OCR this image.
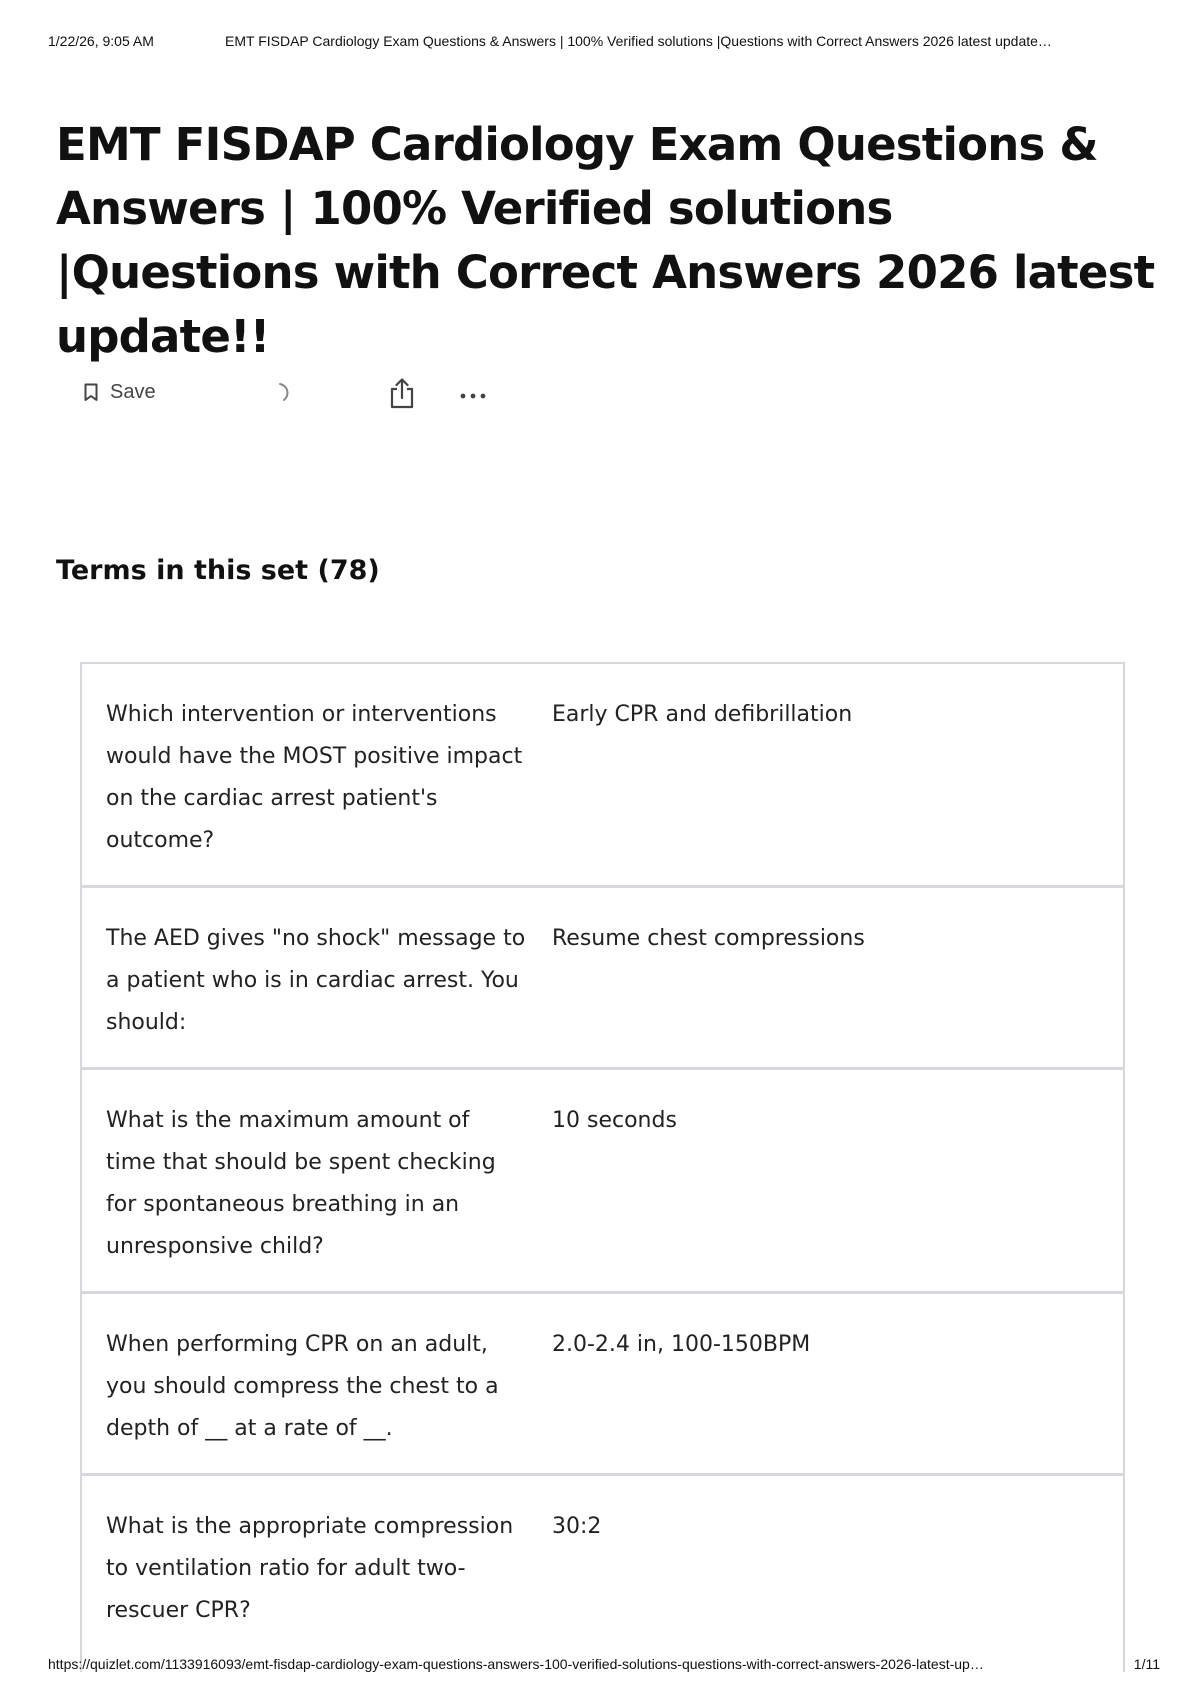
1/22/26, 9:05 AM	EMT FISDAP Cardiology Exam Questions & Answers | 100% Verified solutions |Questions with Correct Answers 2026 latest update…
EMT FISDAP Cardiology Exam Questions & Answers | 100% Verified solutions |Questions with Correct Answers 2026 latest update!!
Save
Terms in this set (78)
Which intervention or interventions would have the MOST positive impact on the cardiac arrest patient's outcome?
Early CPR and defibrillation
The AED gives "no shock" message to a patient who is in cardiac arrest. You should:
Resume chest compressions
What is the maximum amount of time that should be spent checking for spontaneous breathing in an unresponsive child?
10 seconds
When performing CPR on an adult, you should compress the chest to a depth of __ at a rate of __.
2.0-2.4 in, 100-150BPM
What is the appropriate compression to ventilation ratio for adult two-rescuer CPR?
30:2
https://quizlet.com/1133916093/emt-fisdap-cardiology-exam-questions-answers-100-verified-solutions-questions-with-correct-answers-2026-latest-up…	1/11
